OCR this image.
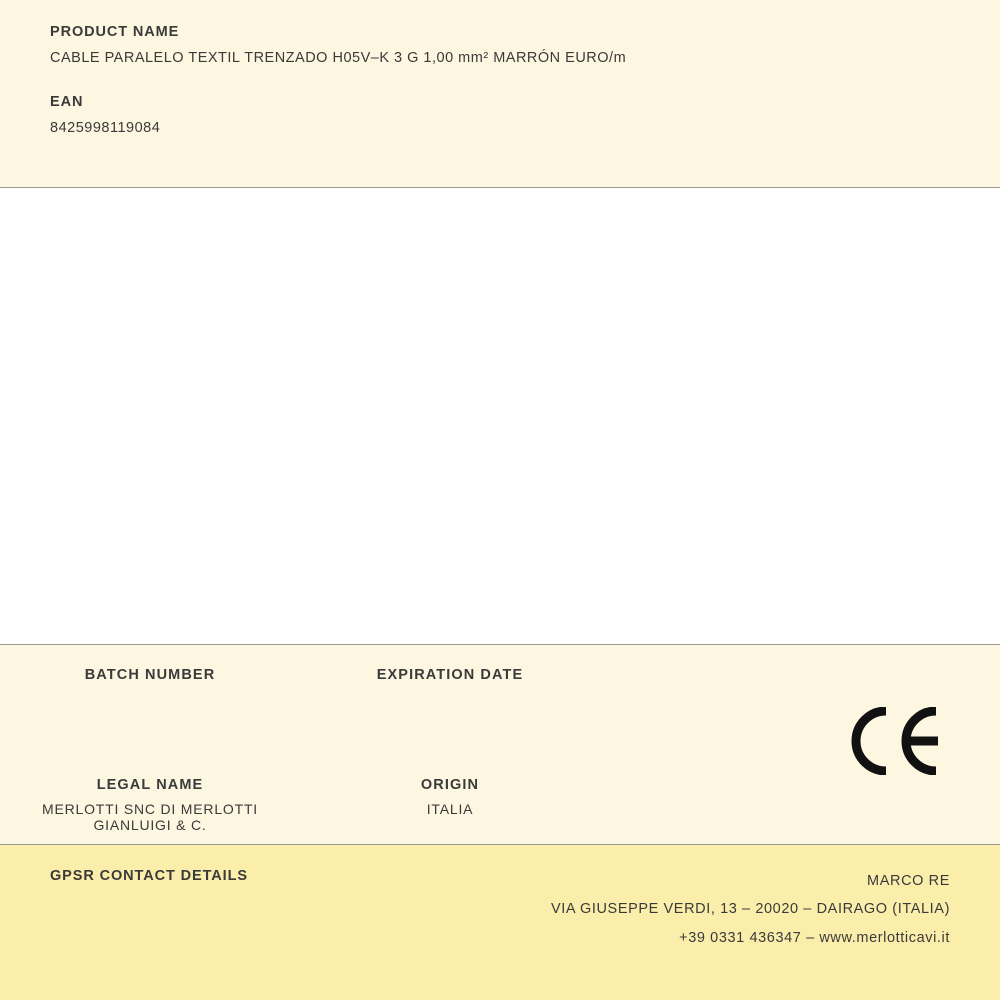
PRODUCT NAME
CABLE PARALELO TEXTIL TRENZADO H05V–K 3 G 1,00 mm² MARRÓN EURO/m
EAN
8425998119084
BATCH NUMBER	EXPIRATION DATE
LEGAL NAME
MERLOTTI SNC DI MERLOTTI GIANLUIGI & C.
ORIGIN
ITALIA
GPSR CONTACT DETAILS	MARCO RE
VIA GIUSEPPE VERDI, 13 – 20020 – DAIRAGO (ITALIA)
+39 0331 436347 – www.merlotticavi.it
